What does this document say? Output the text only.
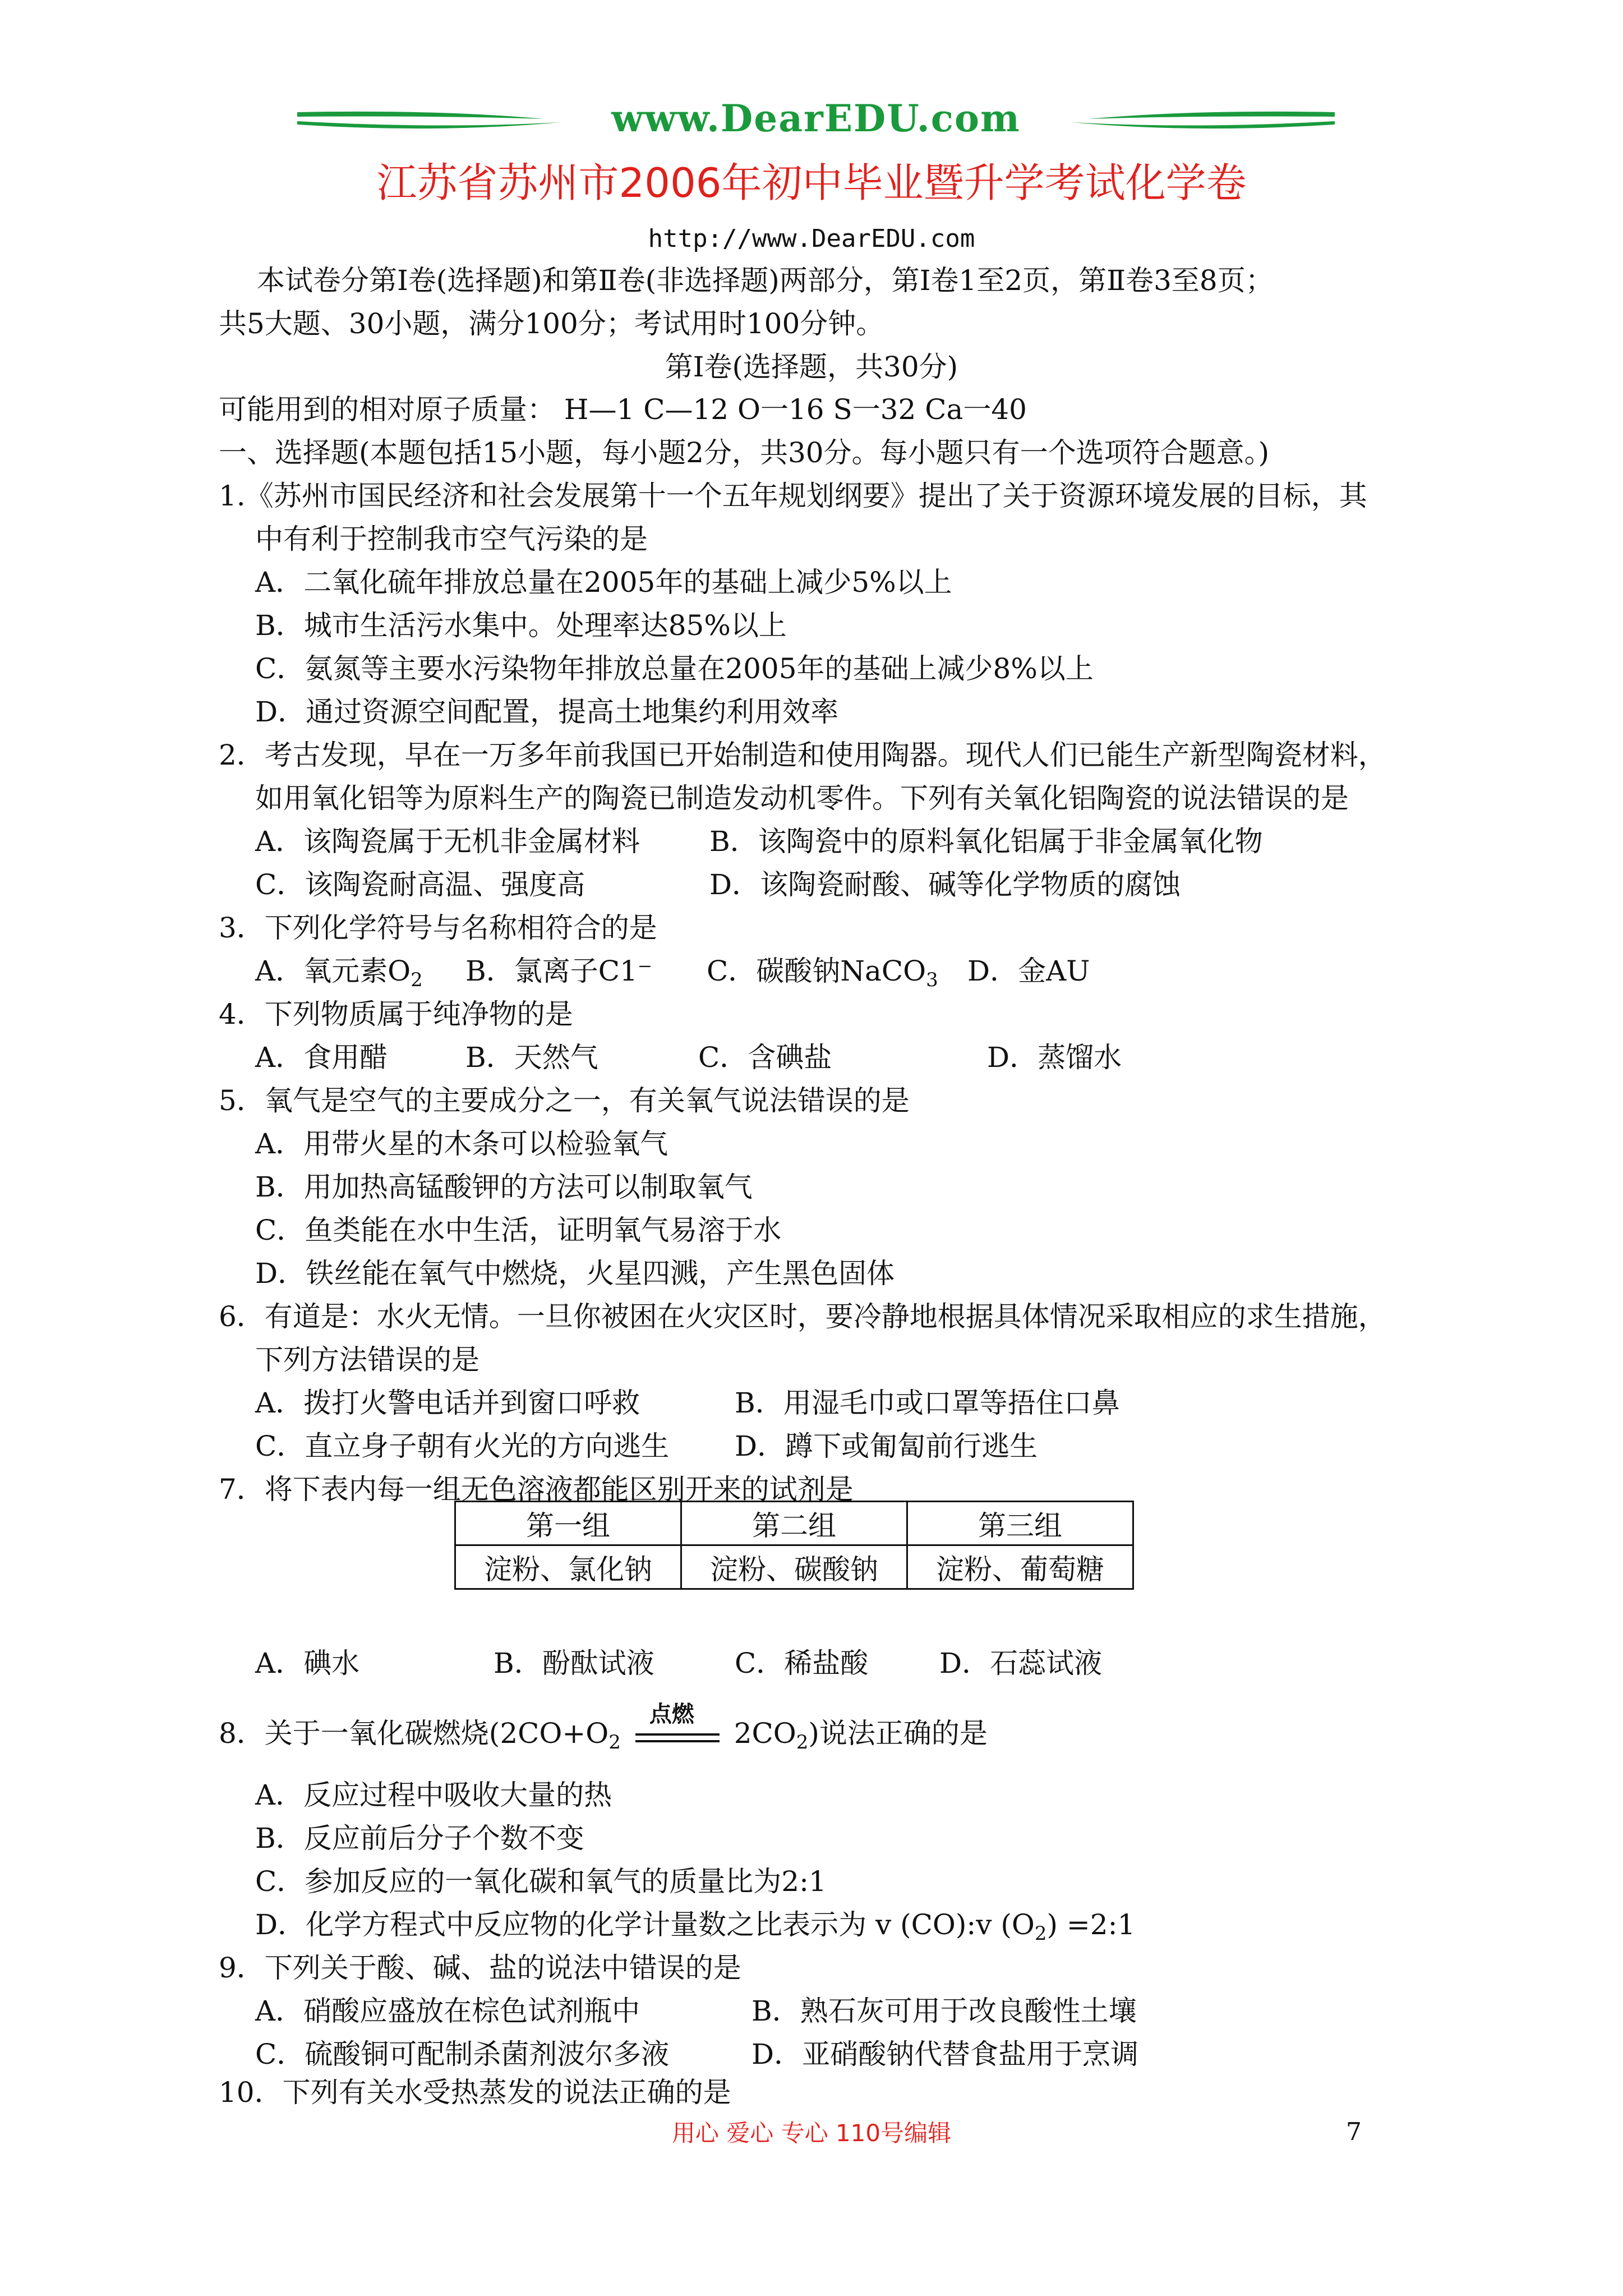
www.DearEDU.com
江苏省苏州市2006年初中毕业暨升学考试化学卷
http://www.DearEDU.com
本试卷分第Ⅰ卷(选择题)和第Ⅱ卷(非选择题)两部分，第Ⅰ卷1至2页，第Ⅱ卷3至8页；
共5大题、30小题，满分100分；考试用时100分钟。
第Ⅰ卷(选择题，共30分)
可能用到的相对原子质量： H—1 C—12 O一16 S一32 Ca一40
一、选择题(本题包括15小题，每小题2分，共30分。每小题只有一个选项符合题意。)
1.《苏州市国民经济和社会发展第十一个五年规划纲要》提出了关于资源环境发展的目标，其
中有利于控制我市空气污染的是
A．二氧化硫年排放总量在2005年的基础上减少5%以上
B．城市生活污水集中。处理率达85%以上
C．氨氮等主要水污染物年排放总量在2005年的基础上减少8%以上
D．通过资源空间配置，提高土地集约利用效率
2．考古发现，早在一万多年前我国已开始制造和使用陶器。现代人们已能生产新型陶瓷材料，
如用氧化铝等为原料生产的陶瓷已制造发动机零件。下列有关氧化铝陶瓷的说法错误的是
A．该陶瓷属于无机非金属材料 B．该陶瓷中的原料氧化铝属于非金属氧化物
C．该陶瓷耐高温、强度高	D．该陶瓷耐酸、碱等化学物质的腐蚀
3．下列化学符号与名称相符合的是
A．氧元素$O_2$ B．氯离子C1⁻ C．碳酸钠NaCO$_3$ D．金AU
4．下列物质属于纯净物的是
A．食用醋	B．天然气	C．含碘盐	D．蒸馏水
5．氧气是空气的主要成分之一，有关氧气说法错误的是
A．用带火星的木条可以检验氧气
B．用加热高锰酸钾的方法可以制取氧气
C．鱼类能在水中生活，证明氧气易溶于水
D．铁丝能在氧气中燃烧，火星四溅，产生黑色固体
6．有道是：水火无情。一旦你被困在火灾区时，要冷静地根据具体情况采取相应的求生措施，
下列方法错误的是
A．拨打火警电话并到窗口呼救	B．用湿毛巾或口罩等捂住口鼻
C．直立身子朝有火光的方向逃生 D．蹲下或匍匐前行逃生
7．将下表内每一组无色溶液都能区别开来的试剂是
第一组	第二组	第三组
淀粉、氯化钠	淀粉、碳酸钠	淀粉、葡萄糖
A．碘水	B．酚酞试液	C．稀盐酸	D．石蕊试液
8．关于一氧化碳燃烧($2CO+O_2$
点燃
$2CO_2$)说法正确的是
A．反应过程中吸收大量的热
B．反应前后分子个数不变
C．参加反应的一氧化碳和氧气的质量比为2:1
D．化学方程式中反应物的化学计量数之比表示为 v (CO):v $(O_2)$ =2:1
9．下列关于酸、碱、盐的说法中错误的是
A．硝酸应盛放在棕色试剂瓶中	B．熟石灰可用于改良酸性土壤
C．硫酸铜可配制杀菌剂波尔多液	D．亚硝酸钠代替食盐用于烹调
10．下列有关水受热蒸发的说法正确的是
用心 爱心 专心 110号编辑	7
